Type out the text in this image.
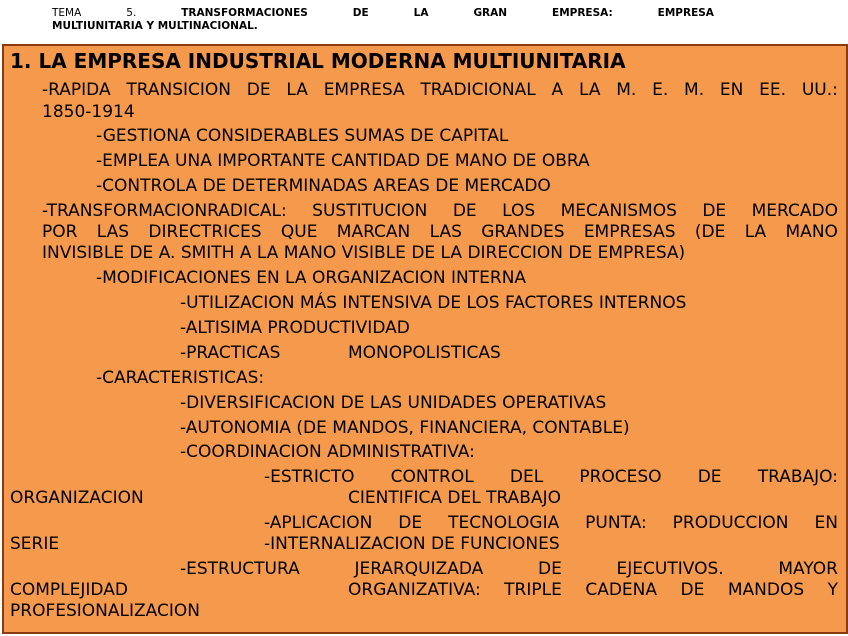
TEMA	5.	TRANSFORMACIONES	DE	LA	GRAN	EMPRESA:	EMPRESA
MULTIUNITARIA Y MULTINACIONAL.
1. LA EMPRESA INDUSTRIAL MODERNA MULTIUNITARIA
-RAPIDA TRANSICION DE LA EMPRESA TRADICIONAL A LA M. E. M. EN EE. UU.:
1850-1914
-GESTIONA CONSIDERABLES SUMAS DE CAPITAL
-EMPLEA UNA IMPORTANTE CANTIDAD DE MANO DE OBRA
-CONTROLA DE DETERMINADAS AREAS DE MERCADO
-TRANSFORMACIONRADICAL: SUSTITUCION DE LOS MECANISMOS DE MERCADO
POR LAS DIRECTRICES QUE MARCAN LAS GRANDES EMPRESAS (DE LA MANO
INVISIBLE DE A. SMITH A LA MANO VISIBLE DE LA DIRECCION DE EMPRESA)
-MODIFICACIONES EN LA ORGANIZACION INTERNA
-UTILIZACION MÁS INTENSIVA DE LOS FACTORES INTERNOS
-ALTISIMA PRODUCTIVIDAD
-PRACTICAS	MONOPOLISTICAS
-CARACTERISTICAS:
-DIVERSIFICACION DE LAS UNIDADES OPERATIVAS
-AUTONOMIA (DE MANDOS, FINANCIERA, CONTABLE)
-COORDINACION ADMINISTRATIVA:
-ESTRICTO CONTROL DEL PROCESO DE TRABAJO:
ORGANIZACION	CIENTIFICA DEL TRABAJO
-APLICACION DE TECNOLOGIA PUNTA: PRODUCCION EN
SERIE	-INTERNALIZACION DE FUNCIONES
-ESTRUCTURA	JERARQUIZADA	DE	EJECUTIVOS.	MAYOR
COMPLEJIDAD	ORGANIZATIVA: TRIPLE CADENA DE MANDOS Y
PROFESIONALIZACION
